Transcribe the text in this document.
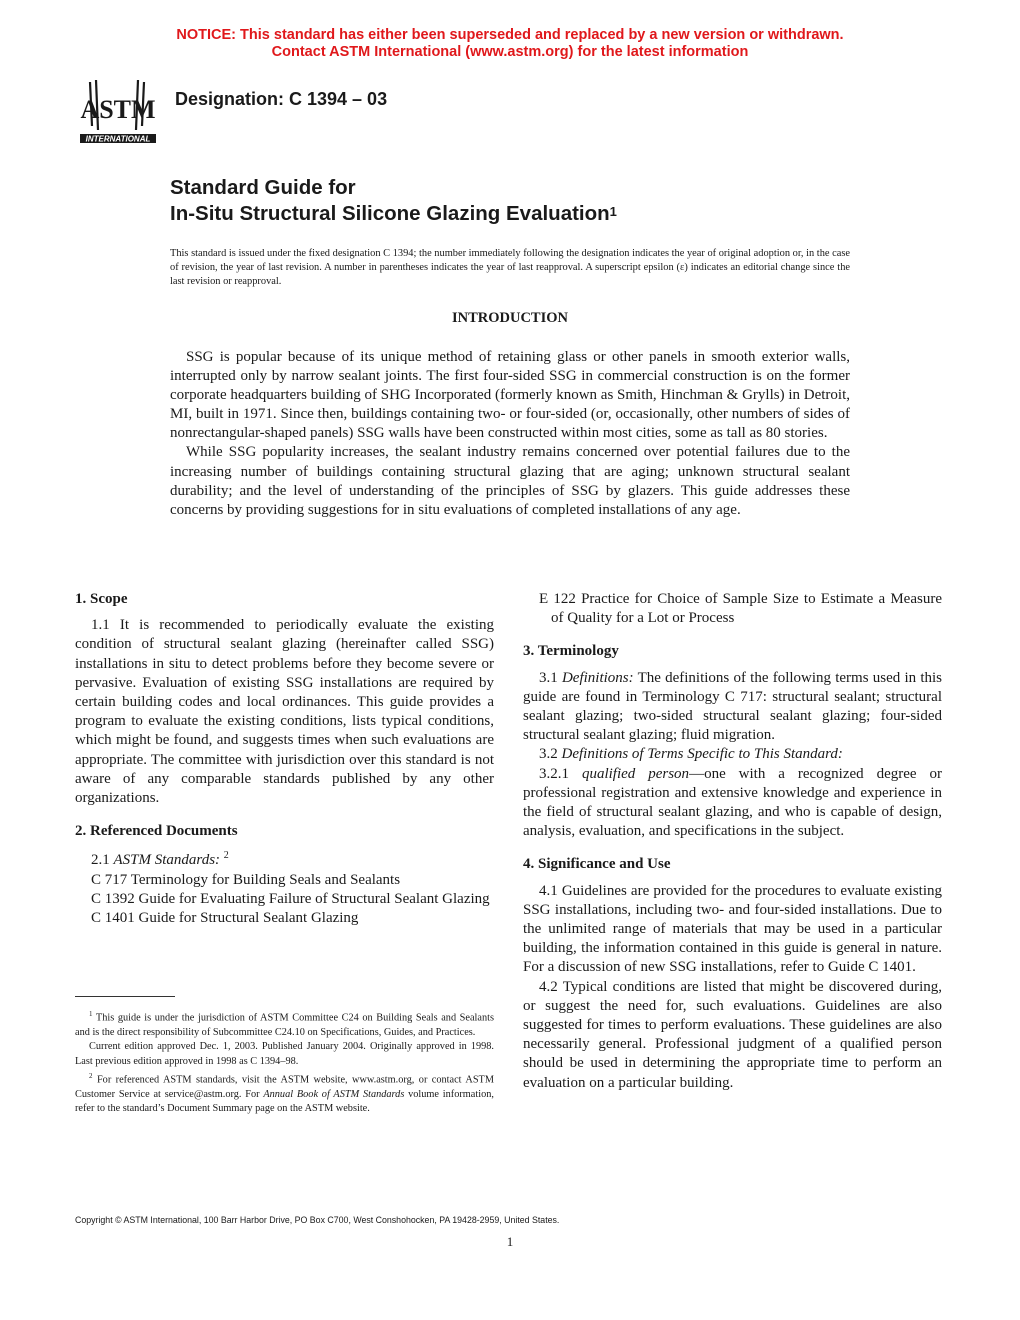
NOTICE: This standard has either been superseded and replaced by a new version or withdrawn.
Contact ASTM International (www.astm.org) for the latest information
ASTM
INTERNATIONAL
Designation: C 1394 – 03
Standard Guide for
In-Situ Structural Silicone Glazing Evaluation$^1$
This standard is issued under the fixed designation C 1394; the number immediately following the designation indicates the year of original adoption or, in the case of revision, the year of last revision. A number in parentheses indicates the year of last reapproval. A superscript epsilon (ε) indicates an editorial change since the last revision or reapproval.
INTRODUCTION

SSG is popular because of its unique method of retaining glass or other panels in smooth exterior walls, interrupted only by narrow sealant joints. The first four-sided SSG in commercial construction is on the former corporate headquarters building of SHG Incorporated (formerly known as Smith, Hinchman & Grylls) in Detroit, MI, built in 1971. Since then, buildings containing two- or four-sided (or, occasionally, other numbers of sides of nonrectangular-shaped panels) SSG walls have been constructed within most cities, some as tall as 80 stories.

While SSG popularity increases, the sealant industry remains concerned over potential failures due to the increasing number of buildings containing structural glazing that are aging; unknown structural sealant durability; and the level of understanding of the principles of SSG by glazers. This guide addresses these concerns by providing suggestions for in situ evaluations of completed installations of any age.

1. Scope

1.1 It is recommended to periodically evaluate the existing condition of structural sealant glazing (hereinafter called SSG) installations in situ to detect problems before they become severe or pervasive. Evaluation of existing SSG installations are required by certain building codes and local ordinances. This guide provides a program to evaluate the existing conditions, lists typical conditions, which might be found, and suggests times when such evaluations are appropriate. The committee with jurisdiction over this standard is not aware of any comparable standards published by any other organizations.

2. Referenced Documents

2.1 ASTM Standards: $^2$

C 717 Terminology for Building Seals and Sealants

C 1392 Guide for Evaluating Failure of Structural Sealant Glazing

C 1401 Guide for Structural Sealant Glazing

E 122 Practice for Choice of Sample Size to Estimate a Measure of Quality for a Lot or Process

3. Terminology

3.1 Definitions: The definitions of the following terms used in this guide are found in Terminology C 717: structural sealant; structural sealant glazing; two-sided structural sealant glazing; four-sided structural sealant glazing; fluid migration.

3.2 Definitions of Terms Specific to This Standard:

3.2.1 qualified person—one with a recognized degree or professional registration and extensive knowledge and experience in the field of structural sealant glazing, and who is capable of design, analysis, evaluation, and specifications in the subject.

4. Significance and Use

4.1 Guidelines are provided for the procedures to evaluate existing SSG installations, including two- and four-sided installations. Due to the unlimited range of materials that may be used in a particular building, the information contained in this guide is general in nature. For a discussion of new SSG installations, refer to Guide C 1401.

4.2 Typical conditions are listed that might be discovered during, or suggest the need for, such evaluations. Guidelines are also suggested for times to perform evaluations. These guidelines are also necessarily general. Professional judgment of a qualified person should be used in determining the appropriate time to perform an evaluation on a particular building.

$^1$ This guide is under the jurisdiction of ASTM Committee C24 on Building Seals and Sealants and is the direct responsibility of Subcommittee C24.10 on Specifications, Guides, and Practices.

Current edition approved Dec. 1, 2003. Published January 2004. Originally approved in 1998. Last previous edition approved in 1998 as C 1394–98.

$^2$ For referenced ASTM standards, visit the ASTM website, www.astm.org, or contact ASTM Customer Service at service@astm.org. For Annual Book of ASTM Standards volume information, refer to the standard’s Document Summary page on the ASTM website.

Copyright © ASTM International, 100 Barr Harbor Drive, PO Box C700, West Conshohocken, PA 19428-2959, United States.
1
